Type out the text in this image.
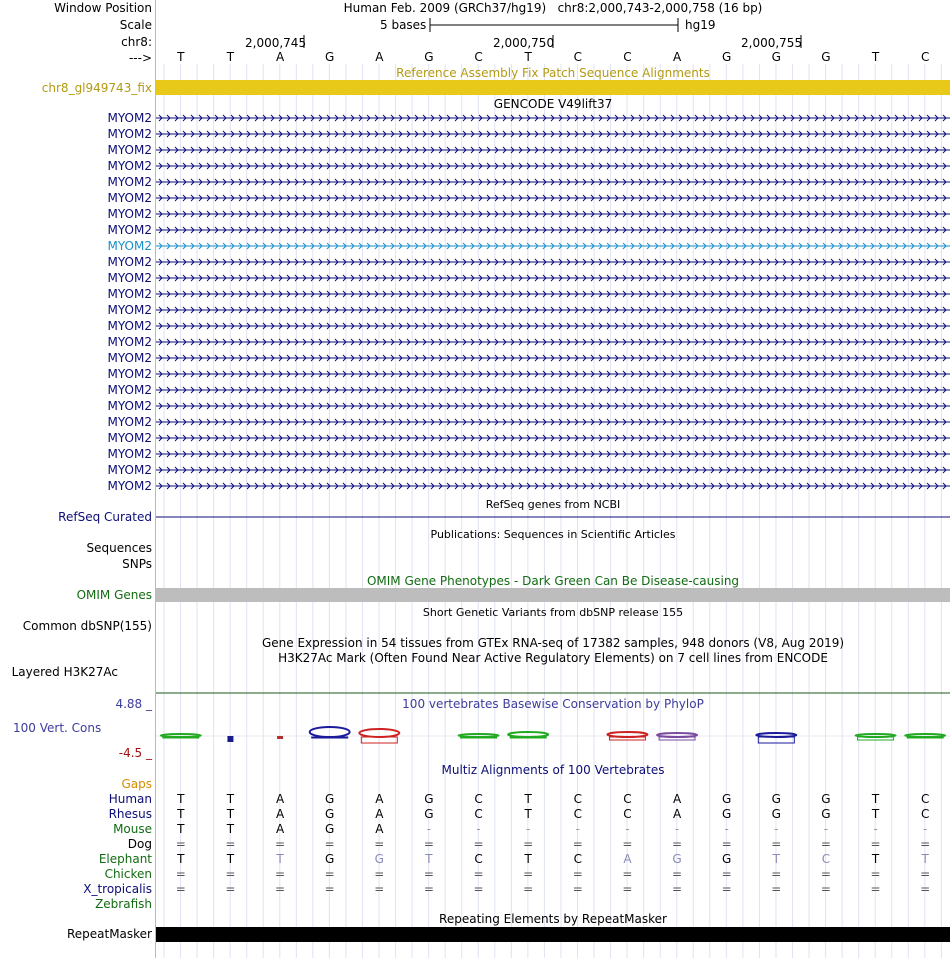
Window Position
Scale
chr8:
--->
Human Feb. 2009 (GRCh37/hg19)   chr8:2,000,743-2,000,758 (16 bp)
5 bases	hg19
2,000,745	2,000,750	2,000,755
T	T	A	G	A	G	C	T	C	C	A	G	G	G	T	C
Reference Assembly Fix Patch Sequence Alignments
chr8_gl949743_fix
GENCODE V49lift37
MYOM2
MYOM2
MYOM2
MYOM2
MYOM2
MYOM2
MYOM2
MYOM2
MYOM2
MYOM2
MYOM2
MYOM2
MYOM2
MYOM2
MYOM2
MYOM2
MYOM2
MYOM2
MYOM2
MYOM2
MYOM2
MYOM2
MYOM2
MYOM2
RefSeq genes from NCBI
RefSeq Curated
Publications: Sequences in Scientific Articles
Sequences
SNPs
OMIM Gene Phenotypes - Dark Green Can Be Disease-causing
OMIM Genes
Short Genetic Variants from dbSNP release 155
Common dbSNP(155)
Gene Expression in 54 tissues from GTEx RNA-seq of 17382 samples, 948 donors (V8, Aug 2019)
H3K27Ac Mark (Often Found Near Active Regulatory Elements) on 7 cell lines from ENCODE
Layered H3K27Ac
100 vertebrates Basewise Conservation by PhyloP
4.88 _
100 Vert. Cons
-4.5 _
Multiz Alignments of 100 Vertebrates
Gaps
Human	T	T	A	G	A	G	C	T	C	C	A	G	G	G	T	C
Rhesus	T	T	A	G	A	G	C	T	C	C	A	G	G	G	T	C
Mouse	T	T	A	G	A	-	-	-	-	-	-	-	-	-	-	-
Dog	=	=	=	=	=	=	=	=	=	=	=	=	=	=	=	=
Elephant	T	T	T	G	G	T	C	T	C	A	G	G	T	C	T	T
Chicken	=	=	=	=	=	=	=	=	=	=	=	=	=	=	=	=
X_tropicalis	=	=	=	=	=	=	=	=	=	=	=	=	=	=	=	=
Zebrafish
Repeating Elements by RepeatMasker
RepeatMasker
